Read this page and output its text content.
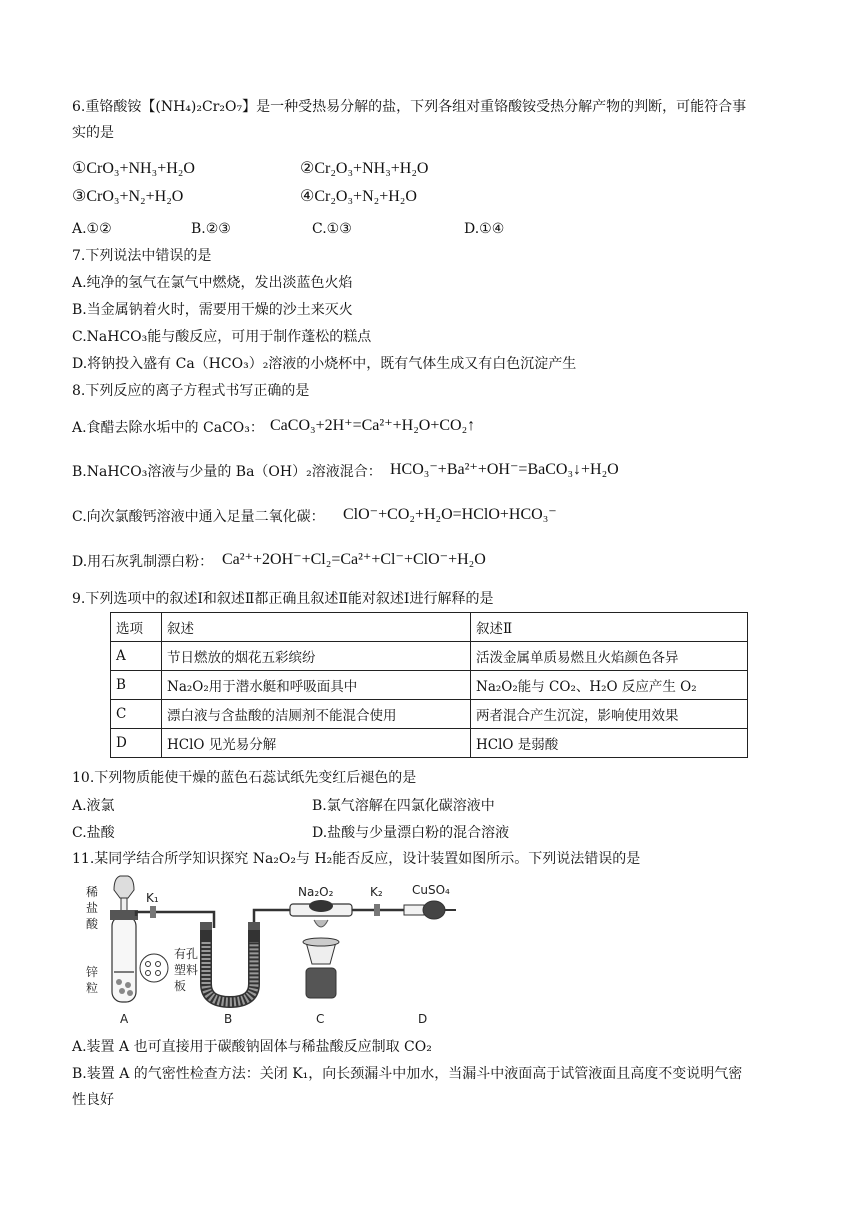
6.重铬酸铵【(NH₄)₂Cr₂O₇】是一种受热易分解的盐，下列各组对重铬酸铵受热分解产物的判断，可能符合事
实的是
①CrO₃+NH₃+H₂O	②Cr₂O₃+NH₃+H₂O
③CrO₃+N₂+H₂O	④Cr₂O₃+N₂+H₂O
A.①②	B.②③	C.①③	D.①④
7.下列说法中错误的是
A.纯净的氢气在氯气中燃烧，发出淡蓝色火焰
B.当金属钠着火时，需要用干燥的沙土来灭火
C.NaHCO₃能与酸反应，可用于制作蓬松的糕点
D.将钠投入盛有 Ca（HCO₃）₂溶液的小烧杯中，既有气体生成又有白色沉淀产生
8.下列反应的离子方程式书写正确的是
A.食醋去除水垢中的 CaCO₃： CaCO₃+2H⁺=Ca²⁺+H₂O+CO₂↑
B.NaHCO₃溶液与少量的 Ba（OH）₂溶液混合： HCO₃⁻+Ba²⁺+OH⁻=BaCO₃↓+H₂O
C.向次氯酸钙溶液中通入足量二氧化碳： ClO⁻+CO₂+H₂O=HClO+HCO₃⁻
D.用石灰乳制漂白粉： Ca²⁺+2OH⁻+Cl₂=Ca²⁺+Cl⁻+ClO⁻+H₂O
9.下列选项中的叙述Ⅰ和叙述Ⅱ都正确且叙述Ⅱ能对叙述Ⅰ进行解释的是
选项	叙述	叙述Ⅱ
A	节日燃放的烟花五彩缤纷	活泼金属单质易燃且火焰颜色各异
B	Na₂O₂用于潜水艇和呼吸面具中	Na₂O₂能与 CO₂、H₂O 反应产生 O₂
C	漂白液与含盐酸的洁厕剂不能混合使用	两者混合产生沉淀，影响使用效果
D	HClO 见光易分解	HClO 是弱酸
10.下列物质能使干燥的蓝色石蕊试纸先变红后褪色的是
A.液氯	B.氯气溶解在四氯化碳溶液中
C.盐酸	D.盐酸与少量漂白粉的混合溶液
11.某同学结合所学知识探究 Na₂O₂与 H₂能否反应，设计装置如图所示。下列说法错误的是
稀
盐
酸
锌
粒
有孔
塑料
板
A
K₁
B
Na₂O₂
C
K₂ CuSO₄
D
A.装置 A 也可直接用于碳酸钠固体与稀盐酸反应制取 CO₂
B.装置 A 的气密性检查方法：关闭 K₁，向长颈漏斗中加水，当漏斗中液面高于试管液面且高度不变说明气密
性良好
